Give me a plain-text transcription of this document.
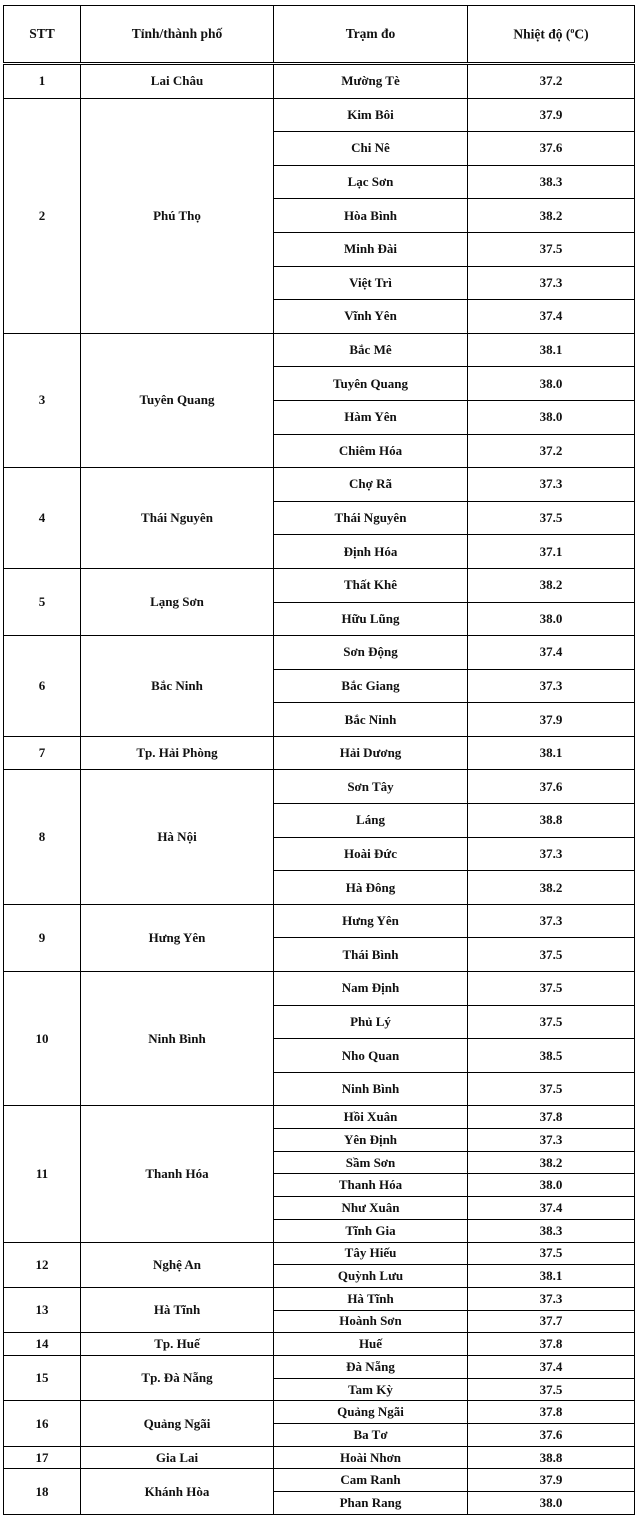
STT	Tỉnh/thành phố	Trạm đo	Nhiệt độ ($^o$C)

1	Lai Châu	Mường Tè	37.2
2	Phú Thọ	Kim Bôi	37.9
		Chi Nê	37.6
		Lạc Sơn	38.3
		Hòa Bình	38.2
		Minh Đài	37.5
		Việt Trì	37.3
		Vĩnh Yên	37.4
3	Tuyên Quang	Bắc Mê	38.1
		Tuyên Quang	38.0
		Hàm Yên	38.0
		Chiêm Hóa	37.2
4	Thái Nguyên	Chợ Rã	37.3
		Thái Nguyên	37.5
		Định Hóa	37.1
5	Lạng Sơn	Thất Khê	38.2
		Hữu Lũng	38.0
6	Bắc Ninh	Sơn Động	37.4
		Bắc Giang	37.3
		Bắc Ninh	37.9
7	Tp. Hải Phòng	Hải Dương	38.1
8	Hà Nội	Sơn Tây	37.6
		Láng	38.8
		Hoài Đức	37.3
		Hà Đông	38.2
9	Hưng Yên	Hưng Yên	37.3
		Thái Bình	37.5
10	Ninh Bình	Nam Định	37.5
		Phủ Lý	37.5
		Nho Quan	38.5
		Ninh Bình	37.5
11	Thanh Hóa	Hồi Xuân	37.8
		Yên Định	37.3
		Sầm Sơn	38.2
		Thanh Hóa	38.0
		Như Xuân	37.4
		Tĩnh Gia	38.3
12	Nghệ An	Tây Hiếu	37.5
		Quỳnh Lưu	38.1
13	Hà Tĩnh	Hà Tĩnh	37.3
		Hoành Sơn	37.7
14	Tp. Huế	Huế	37.8
15	Tp. Đà Nẵng	Đà Nẵng	37.4
		Tam Kỳ	37.5
16	Quảng Ngãi	Quảng Ngãi	37.8
		Ba Tơ	37.6
17	Gia Lai	Hoài Nhơn	38.8
18	Khánh Hòa	Cam Ranh	37.9
		Phan Rang	38.0
